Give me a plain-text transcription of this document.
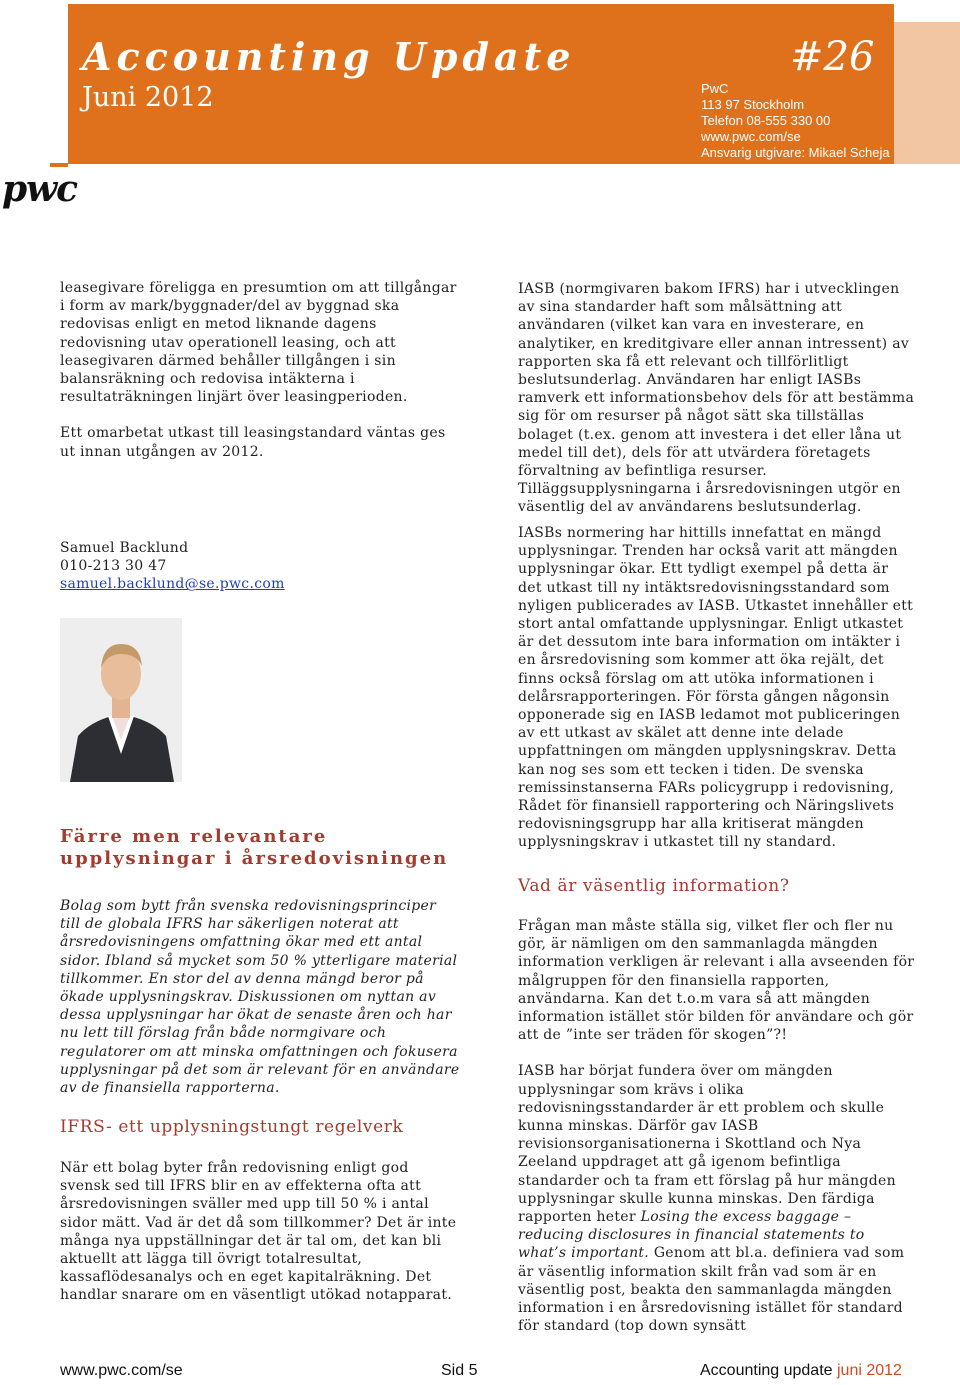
Accounting Update	#26
Juni 2012	PwC
113 97 Stockholm
Telefon 08-555 330 00
www.pwc.com/se
Ansvarig utgivare: Mikael Scheja
pwc

leasegivare föreligga en presumtion om att tillgångar i form av mark/byggnader/del av byggnad ska redovisas enligt en metod liknande dagens redovisning utav operationell leasing, och att leasegivaren därmed behåller tillgången i sin balansräkning och redovisa intäkterna i resultaträkningen linjärt över leasingperioden.

Ett omarbetat utkast till leasingstandard väntas ges ut innan utgången av 2012.

Samuel Backlund

010-213 30 47

samuel.backlund@se.pwc.com

Färre men relevantare upplysningar i årsredovisningen

Bolag som bytt från svenska redovisningsprinciper till de globala IFRS har säkerligen noterat att årsredovisningens omfattning ökar med ett antal sidor. Ibland så mycket som 50 % ytterligare material tillkommer. En stor del av denna mängd beror på ökade upplysningskrav. Diskussionen om nyttan av dessa upplysningar har ökat de senaste åren och har nu lett till förslag från både normgivare och regulatorer om att minska omfattningen och fokusera upplysningar på det som är relevant för en användare av de finansiella rapporterna.

IFRS- ett upplysningstungt regelverk

När ett bolag byter från redovisning enligt god svensk sed till IFRS blir en av effekterna ofta att årsredovisningen sväller med upp till 50 % i antal sidor mätt. Vad är det då som tillkommer? Det är inte många nya uppställningar det är tal om, det kan bli aktuellt att lägga till övrigt totalresultat, kassaflödesanalys och en eget kapitalräkning. Det handlar snarare om en väsentligt utökad notapparat.

IASB (normgivaren bakom IFRS) har i utvecklingen av sina standarder haft som målsättning att användaren (vilket kan vara en investerare, en analytiker, en kreditgivare eller annan intressent) av rapporten ska få ett relevant och tillförlitligt beslutsunderlag. Användaren har enligt IASBs ramverk ett informationsbehov dels för att bestämma sig för om resurser på något sätt ska tillställas bolaget (t.ex. genom att investera i det eller låna ut medel till det), dels för att utvärdera företagets förvaltning av befintliga resurser. Tilläggsupplysningarna i årsredovisningen utgör en väsentlig del av användarens beslutsunderlag.

IASBs normering har hittills innefattat en mängd upplysningar. Trenden har också varit att mängden upplysningar ökar. Ett tydligt exempel på detta är det utkast till ny intäktsredovisningsstandard som nyligen publicerades av IASB. Utkastet innehåller ett stort antal omfattande upplysningar. Enligt utkastet är det dessutom inte bara information om intäkter i en årsredovisning som kommer att öka rejält, det finns också förslag om att utöka informationen i delårsrapporteringen. För första gången någonsin opponerade sig en IASB ledamot mot publiceringen av ett utkast av skälet att denne inte delade uppfattningen om mängden upplysningskrav. Detta kan nog ses som ett tecken i tiden. De svenska remissinstanserna FARs policygrupp i redovisning, Rådet för finansiell rapportering och Näringslivets redovisningsgrupp har alla kritiserat mängden upplysningskrav i utkastet till ny standard.

Vad är väsentlig information?

Frågan man måste ställa sig, vilket fler och fler nu gör, är nämligen om den sammanlagda mängden information verkligen är relevant i alla avseenden för målgruppen för den finansiella rapporten, användarna. Kan det t.o.m vara så att mängden information istället stör bilden för användare och gör att de ”inte ser träden för skogen”?!

IASB har börjat fundera över om mängden upplysningar som krävs i olika redovisningsstandarder är ett problem och skulle kunna minskas. Därför gav IASB revisionsorganisationerna i Skottland och Nya Zeeland uppdraget att gå igenom befintliga standarder och ta fram ett förslag på hur mängden upplysningar skulle kunna minskas. Den färdiga rapporten heter Losing the excess baggage – reducing disclosures in financial statements to what’s important. Genom att bl.a. definiera vad som är väsentlig information skilt från vad som är en väsentlig post, beakta den sammanlagda mängden information i en årsredovisning istället för standard för standard (top down synsätt

www.pwc.com/se	Sid 5	Accounting update juni 2012
